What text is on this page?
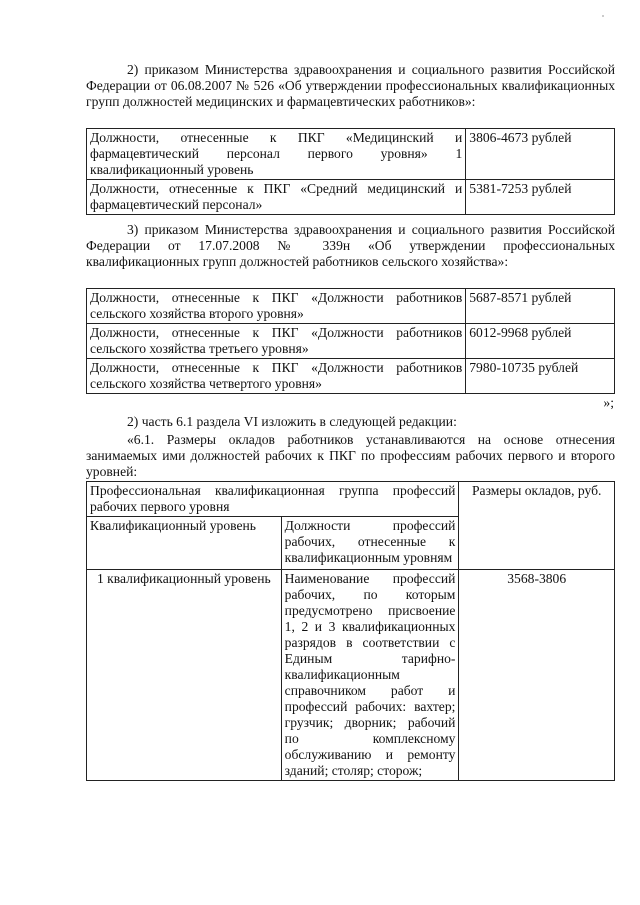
2) приказом Министерства здравоохранения и социального развития Российской Федерации от 06.08.2007 № 526 «Об утверждении профессиональных квалификационных групп должностей медицинских и фармацевтических работников»:
Должности, отнесенные к ПКГ «Медицинский и фармацевтический персонал первого уровня» 1 квалификационный уровень	3806-4673 рублей
Должности, отнесенные к ПКГ «Средний медицинский и фармацевтический персонал»	5381-7253 рублей
3) приказом Министерства здравоохранения и социального развития Российской Федерации от 17.07.2008 № 339н «Об утверждении профессиональных квалификационных групп должностей работников сельского хозяйства»:
Должности, отнесенные к ПКГ «Должности работников сельского хозяйства второго уровня»	5687-8571 рублей
Должности, отнесенные к ПКГ «Должности работников сельского хозяйства третьего уровня»	6012-9968 рублей
Должности, отнесенные к ПКГ «Должности работников сельского хозяйства четвертого уровня»	7980-10735 рублей
»;
2) часть 6.1 раздела VI изложить в следующей редакции:
«6.1. Размеры окладов работников устанавливаются на основе отнесения занимаемых ими должностей рабочих к ПКГ по профессиям рабочих первого и второго уровней:
Профессиональная квалификационная группа профессий рабочих первого уровня		Размеры окладов, руб.
Квалификационный уровень	Должности профессий рабочих, отнесенные к квалификационным уровням	
1 квалификационный уровень	Наименование профессий рабочих, по которым предусмотрено присвоение 1, 2 и 3 квалификационных разрядов в соответствии с Единым тарифно-квалификационным справочником работ и профессий рабочих: вахтер; грузчик; дворник; рабочий по комплексному обслуживанию и ремонту зданий; столяр; сторож;	3568-3806
